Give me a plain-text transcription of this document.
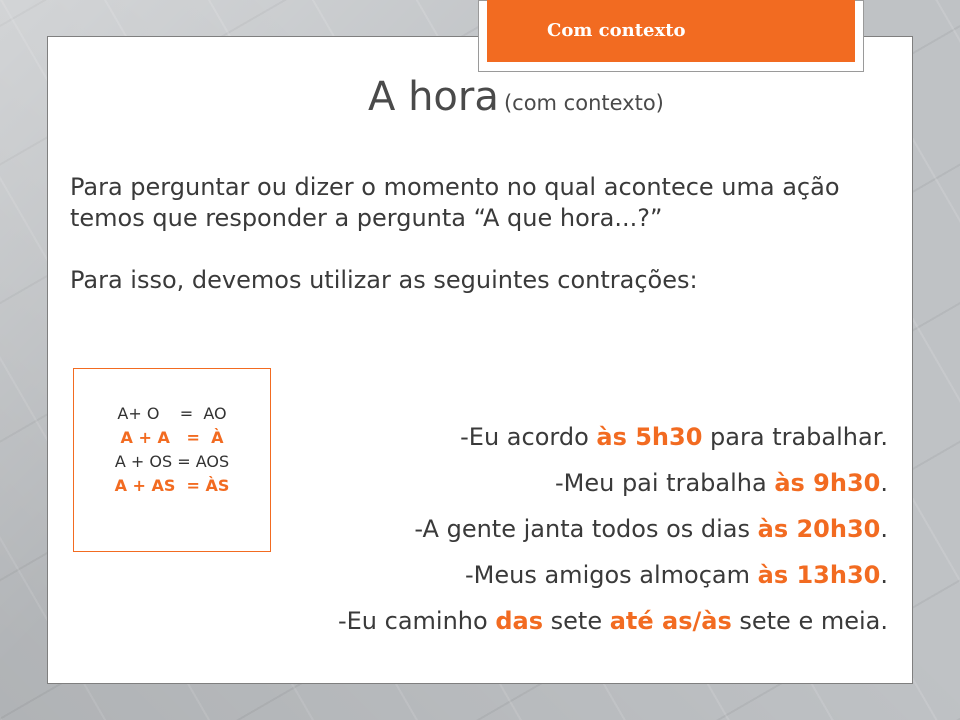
Com contexto
A hora (com contexto)

Para perguntar ou dizer o momento no qual acontece uma ação temos que responder a pergunta “A que hora...?”

Para isso, devemos utilizar as seguintes contrações:

A+ O    =  AO
A + A   =  À
A + OS = AOS
A + AS  = ÀS
-Eu acordo às 5h30 para trabalhar.
-Meu pai trabalha às 9h30.
-A gente janta todos os dias às 20h30.
-Meus amigos almoçam às 13h30.
-Eu caminho das sete até as/às sete e meia.
